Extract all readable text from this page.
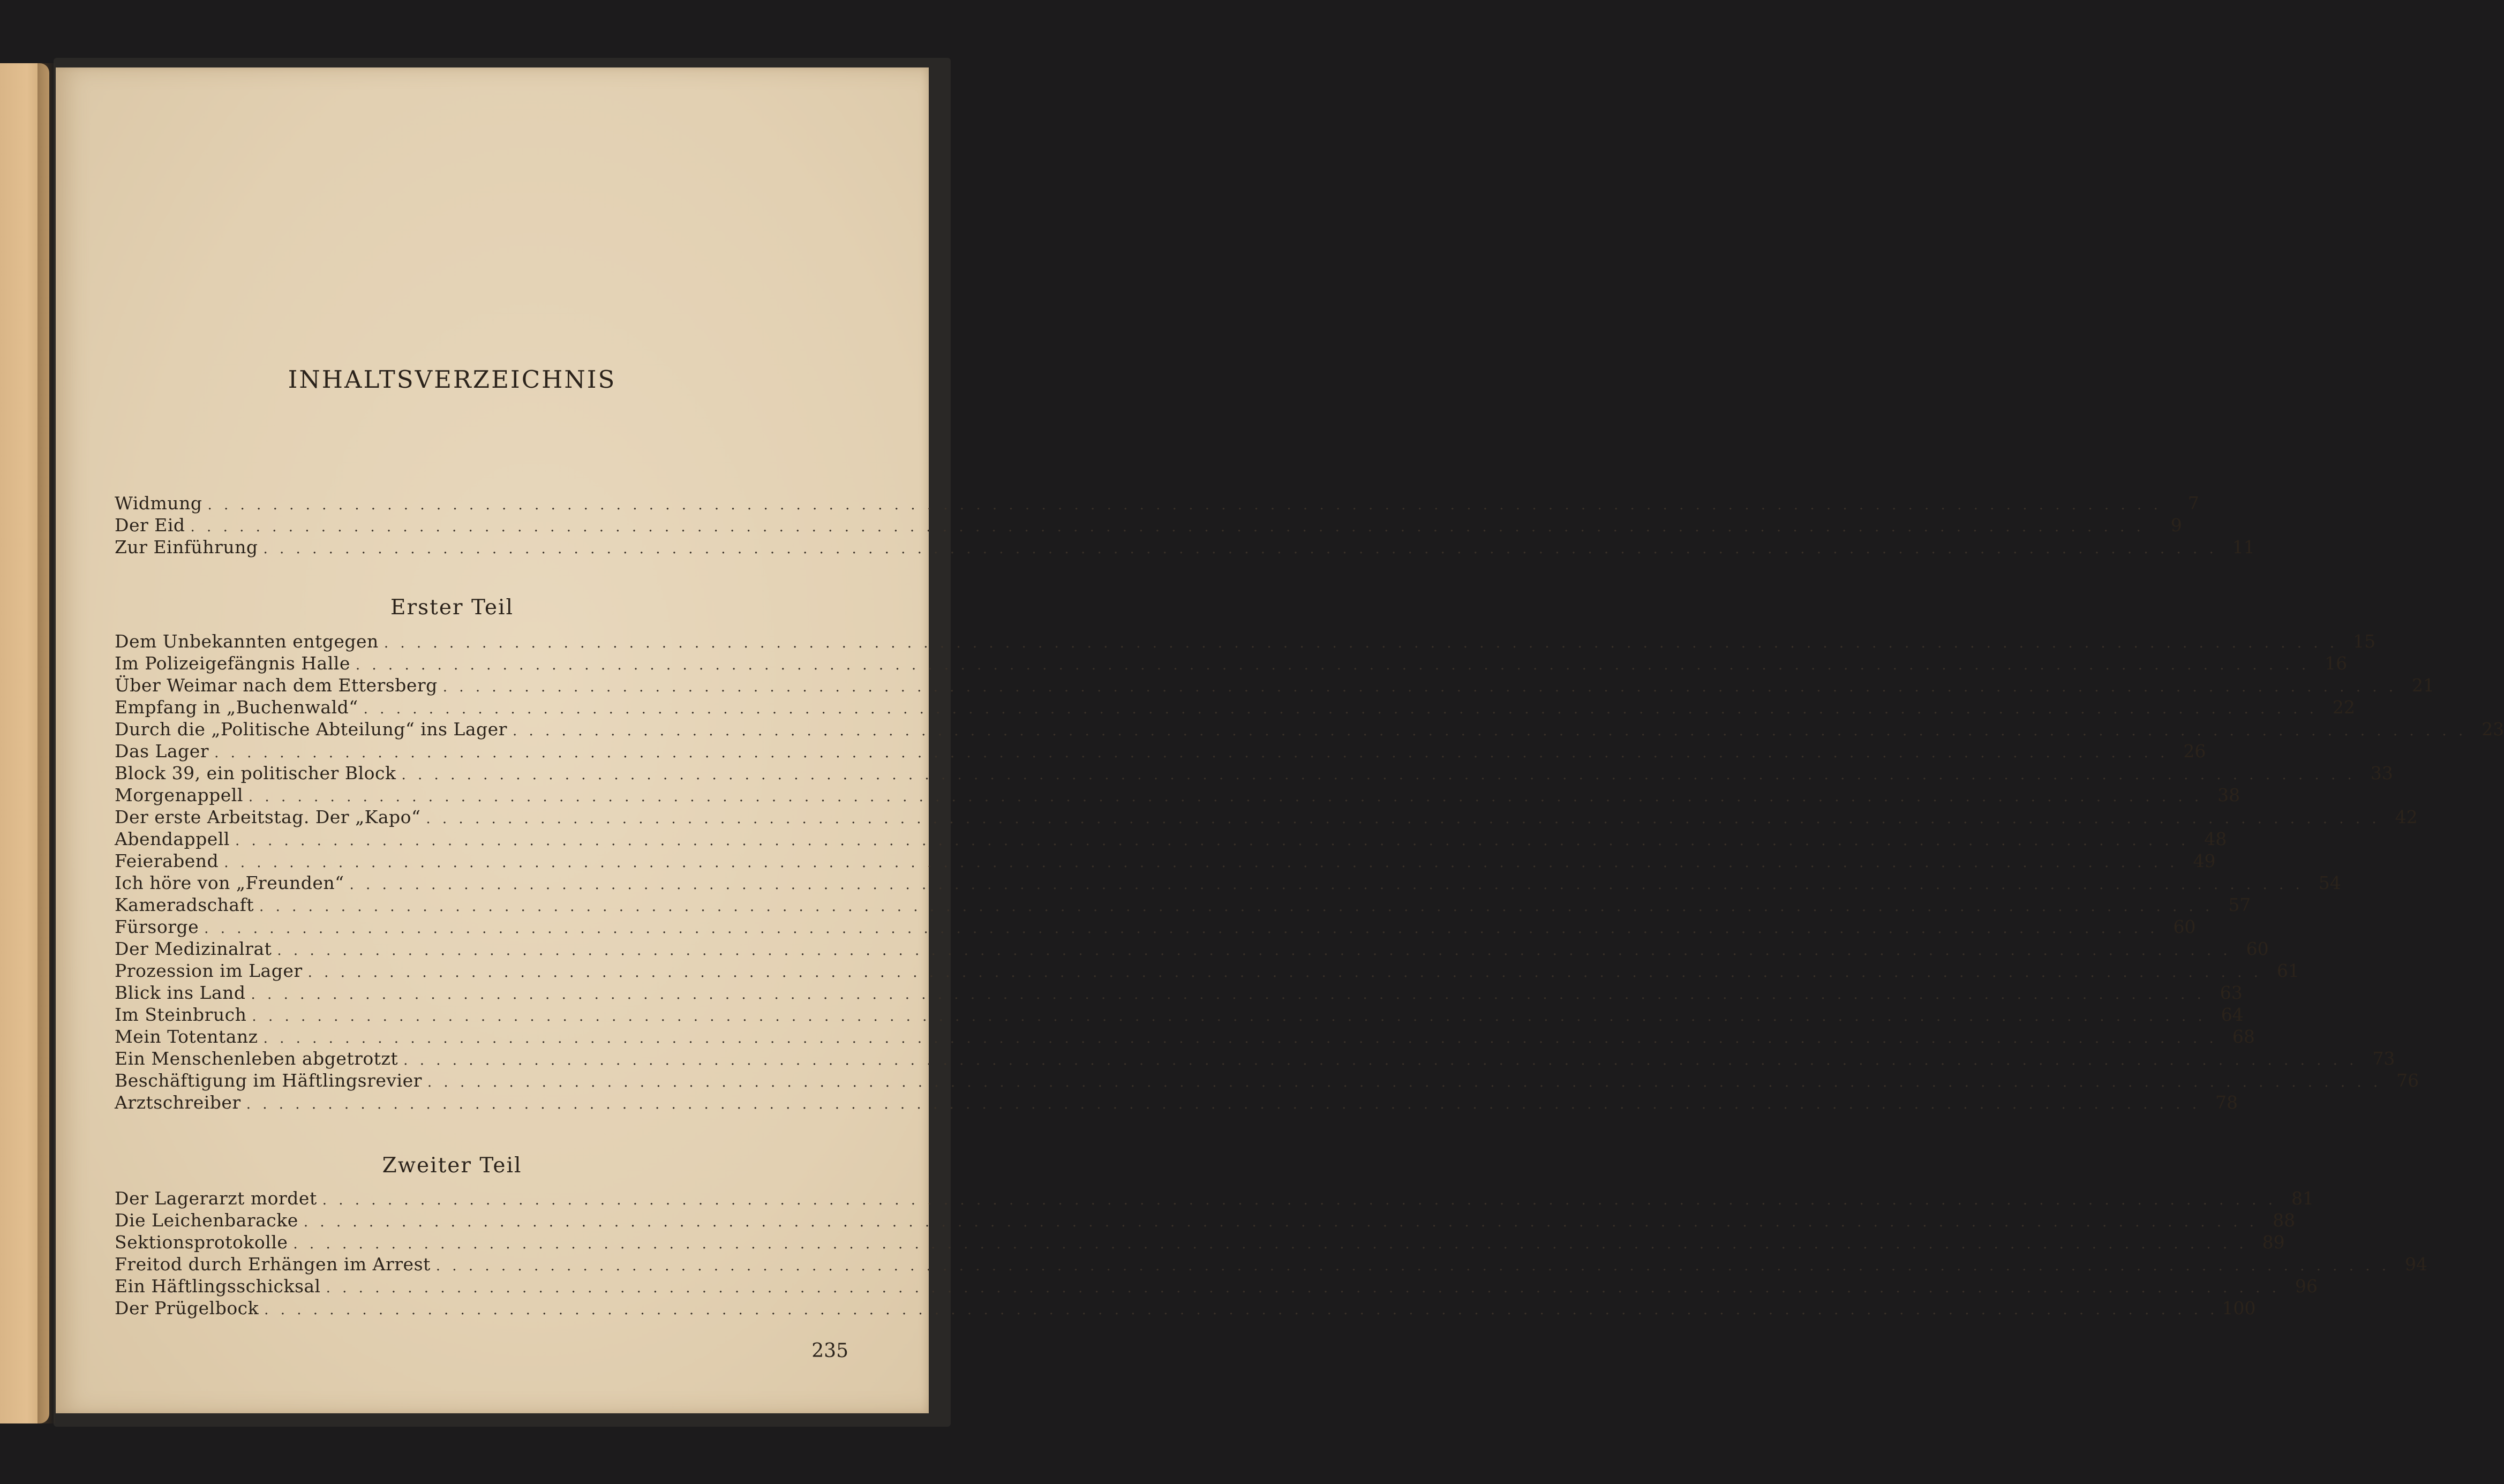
INHALTSVERZEICHNIS
Widmung . . . . . . . . . . . . . . . . . . . . . . . . . . . . . . . . . . . . . . . . . . . . . . . . . . . . . . . . . . . . . . . . . . . . . . . . . . . . . . . . . . . . . . . . . . . . . . . . . . . . . . . . . . . . . . . . . . . . . . . .	7
Der Eid . . . . . . . . . . . . . . . . . . . . . . . . . . . . . . . . . . . . . . . . . . . . . . . . . . . . . . . . . . . . . . . . . . . . . . . . . . . . . . . . . . . . . . . . . . . . . . . . . . . . . . . . . . . . . . . . . . . . . . . .	9
Zur Einführung . . . . . . . . . . . . . . . . . . . . . . . . . . . . . . . . . . . . . . . . . . . . . . . . . . . . . . . . . . . . . . . . . . . . . . . . . . . . . . . . . . . . . . . . . . . . . . . . . . . . . . . . . . . . . . . . . . . . . . . . 11
Erster Teil
Dem Unbekannten entgegen . . . . . . . . . . . . . . . . . . . . . . . . . . . . . . . . . . . . . . . . . . . . . . . . . . . . . . . . . . . . . . . . . . . . . . . . . . . . . . . . . . . . . . . . . . . . . . . . . . . . . . . . . . . . . . . . . . . . . . . . 15
Im Polizeigefängnis Halle . . . . . . . . . . . . . . . . . . . . . . . . . . . . . . . . . . . . . . . . . . . . . . . . . . . . . . . . . . . . . . . . . . . . . . . . . . . . . . . . . . . . . . . . . . . . . . . . . . . . . . . . . . . . . . . . . . . . . . . . 16
Über Weimar nach dem Ettersberg . . . . . . . . . . . . . . . . . . . . . . . . . . . . . . . . . . . . . . . . . . . . . . . . . . . . . . . . . . . . . . . . . . . . . . . . . . . . . . . . . . . . . . . . . . . . . . . . . . . . . . . . . . . . . . . . . . . . . . . . 21
Empfang in „Buchenwald“ . . . . . . . . . . . . . . . . . . . . . . . . . . . . . . . . . . . . . . . . . . . . . . . . . . . . . . . . . . . . . . . . . . . . . . . . . . . . . . . . . . . . . . . . . . . . . . . . . . . . . . . . . . . . . . . . . . . . . . . . 22
Durch die „Politische Abteilung“ ins Lager . . . . . . . . . . . . . . . . . . . . . . . . . . . . . . . . . . . . . . . . . . . . . . . . . . . . . . . . . . . . . . . . . . . . . . . . . . . . . . . . . . . . . . . . . . . . . . . . . . . . . . . . . . . . . . . . . . . . . . . . 23
Das Lager . . . . . . . . . . . . . . . . . . . . . . . . . . . . . . . . . . . . . . . . . . . . . . . . . . . . . . . . . . . . . . . . . . . . . . . . . . . . . . . . . . . . . . . . . . . . . . . . . . . . . . . . . . . . . . . . . . . . . . . . 26
Block 39, ein politischer Block . . . . . . . . . . . . . . . . . . . . . . . . . . . . . . . . . . . . . . . . . . . . . . . . . . . . . . . . . . . . . . . . . . . . . . . . . . . . . . . . . . . . . . . . . . . . . . . . . . . . . . . . . . . . . . . . . . . . . . . . 33
Morgenappell . . . . . . . . . . . . . . . . . . . . . . . . . . . . . . . . . . . . . . . . . . . . . . . . . . . . . . . . . . . . . . . . . . . . . . . . . . . . . . . . . . . . . . . . . . . . . . . . . . . . . . . . . . . . . . . . . . . . . . . . 38
Der erste Arbeitstag. Der „Kapo“ . . . . . . . . . . . . . . . . . . . . . . . . . . . . . . . . . . . . . . . . . . . . . . . . . . . . . . . . . . . . . . . . . . . . . . . . . . . . . . . . . . . . . . . . . . . . . . . . . . . . . . . . . . . . . . . . . . . . . . . . 42
Abendappell . . . . . . . . . . . . . . . . . . . . . . . . . . . . . . . . . . . . . . . . . . . . . . . . . . . . . . . . . . . . . . . . . . . . . . . . . . . . . . . . . . . . . . . . . . . . . . . . . . . . . . . . . . . . . . . . . . . . . . . . 48
Feierabend . . . . . . . . . . . . . . . . . . . . . . . . . . . . . . . . . . . . . . . . . . . . . . . . . . . . . . . . . . . . . . . . . . . . . . . . . . . . . . . . . . . . . . . . . . . . . . . . . . . . . . . . . . . . . . . . . . . . . . . . 49
Ich höre von „Freunden“ . . . . . . . . . . . . . . . . . . . . . . . . . . . . . . . . . . . . . . . . . . . . . . . . . . . . . . . . . . . . . . . . . . . . . . . . . . . . . . . . . . . . . . . . . . . . . . . . . . . . . . . . . . . . . . . . . . . . . . . . 54
Kameradschaft . . . . . . . . . . . . . . . . . . . . . . . . . . . . . . . . . . . . . . . . . . . . . . . . . . . . . . . . . . . . . . . . . . . . . . . . . . . . . . . . . . . . . . . . . . . . . . . . . . . . . . . . . . . . . . . . . . . . . . . . 57
Fürsorge . . . . . . . . . . . . . . . . . . . . . . . . . . . . . . . . . . . . . . . . . . . . . . . . . . . . . . . . . . . . . . . . . . . . . . . . . . . . . . . . . . . . . . . . . . . . . . . . . . . . . . . . . . . . . . . . . . . . . . . . 60
Der Medizinalrat . . . . . . . . . . . . . . . . . . . . . . . . . . . . . . . . . . . . . . . . . . . . . . . . . . . . . . . . . . . . . . . . . . . . . . . . . . . . . . . . . . . . . . . . . . . . . . . . . . . . . . . . . . . . . . . . . . . . . . . . 60
Prozession im Lager . . . . . . . . . . . . . . . . . . . . . . . . . . . . . . . . . . . . . . . . . . . . . . . . . . . . . . . . . . . . . . . . . . . . . . . . . . . . . . . . . . . . . . . . . . . . . . . . . . . . . . . . . . . . . . . . . . . . . . . . 61
Blick ins Land . . . . . . . . . . . . . . . . . . . . . . . . . . . . . . . . . . . . . . . . . . . . . . . . . . . . . . . . . . . . . . . . . . . . . . . . . . . . . . . . . . . . . . . . . . . . . . . . . . . . . . . . . . . . . . . . . . . . . . . . 63
Im Steinbruch . . . . . . . . . . . . . . . . . . . . . . . . . . . . . . . . . . . . . . . . . . . . . . . . . . . . . . . . . . . . . . . . . . . . . . . . . . . . . . . . . . . . . . . . . . . . . . . . . . . . . . . . . . . . . . . . . . . . . . . . 64
Mein Totentanz . . . . . . . . . . . . . . . . . . . . . . . . . . . . . . . . . . . . . . . . . . . . . . . . . . . . . . . . . . . . . . . . . . . . . . . . . . . . . . . . . . . . . . . . . . . . . . . . . . . . . . . . . . . . . . . . . . . . . . . . 68
Ein Menschenleben abgetrotzt . . . . . . . . . . . . . . . . . . . . . . . . . . . . . . . . . . . . . . . . . . . . . . . . . . . . . . . . . . . . . . . . . . . . . . . . . . . . . . . . . . . . . . . . . . . . . . . . . . . . . . . . . . . . . . . . . . . . . . . . 73
Beschäftigung im Häftlingsrevier . . . . . . . . . . . . . . . . . . . . . . . . . . . . . . . . . . . . . . . . . . . . . . . . . . . . . . . . . . . . . . . . . . . . . . . . . . . . . . . . . . . . . . . . . . . . . . . . . . . . . . . . . . . . . . . . . . . . . . . . 76
Arztschreiber . . . . . . . . . . . . . . . . . . . . . . . . . . . . . . . . . . . . . . . . . . . . . . . . . . . . . . . . . . . . . . . . . . . . . . . . . . . . . . . . . . . . . . . . . . . . . . . . . . . . . . . . . . . . . . . . . . . . . . . . 78
Zweiter Teil
Der Lagerarzt mordet . . . . . . . . . . . . . . . . . . . . . . . . . . . . . . . . . . . . . . . . . . . . . . . . . . . . . . . . . . . . . . . . . . . . . . . . . . . . . . . . . . . . . . . . . . . . . . . . . . . . . . . . . . . . . . . . . . . . . . . . 81
Die Leichenbaracke . . . . . . . . . . . . . . . . . . . . . . . . . . . . . . . . . . . . . . . . . . . . . . . . . . . . . . . . . . . . . . . . . . . . . . . . . . . . . . . . . . . . . . . . . . . . . . . . . . . . . . . . . . . . . . . . . . . . . . . . 88
Sektionsprotokolle . . . . . . . . . . . . . . . . . . . . . . . . . . . . . . . . . . . . . . . . . . . . . . . . . . . . . . . . . . . . . . . . . . . . . . . . . . . . . . . . . . . . . . . . . . . . . . . . . . . . . . . . . . . . . . . . . . . . . . . . 89
Freitod durch Erhängen im Arrest . . . . . . . . . . . . . . . . . . . . . . . . . . . . . . . . . . . . . . . . . . . . . . . . . . . . . . . . . . . . . . . . . . . . . . . . . . . . . . . . . . . . . . . . . . . . . . . . . . . . . . . . . . . . . . . . . . . . . . . . 94
Ein Häftlingsschicksal . . . . . . . . . . . . . . . . . . . . . . . . . . . . . . . . . . . . . . . . . . . . . . . . . . . . . . . . . . . . . . . . . . . . . . . . . . . . . . . . . . . . . . . . . . . . . . . . . . . . . . . . . . . . . . . . . . . . . . . . 96
Der Prügelbock . . . . . . . . . . . . . . . . . . . . . . . . . . . . . . . . . . . . . . . . . . . . . . . . . . . . . . . . . . . . . . . . . . . . . . . . . . . . . . . . . . . . . . . . . . . . . . . . . . . . . . . . . . . . . . . . . . . . . . . . 100
235
